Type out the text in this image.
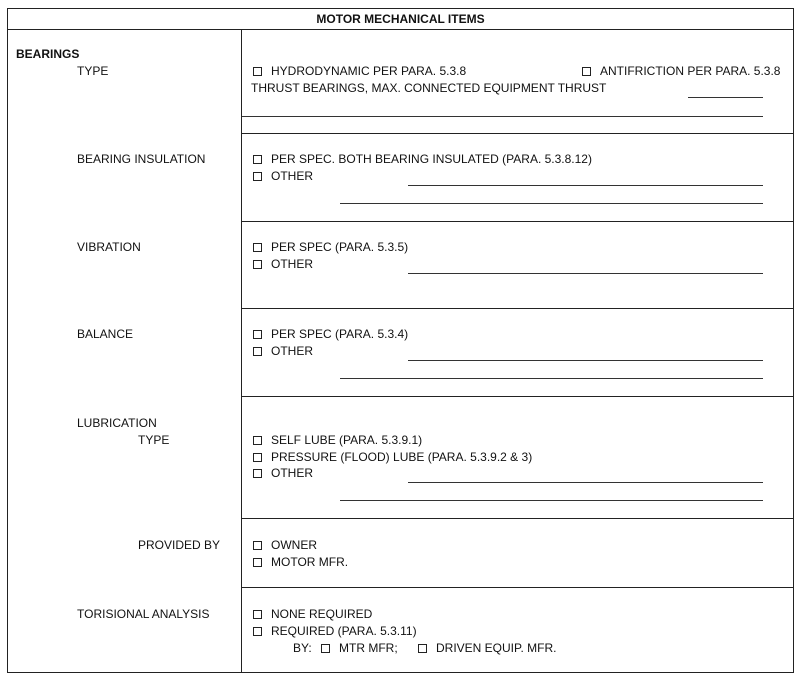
MOTOR MECHANICAL ITEMS
BEARINGS
TYPE
BEARING INSULATION
VIBRATION
BALANCE
LUBRICATION
TYPE
PROVIDED BY
TORISIONAL ANALYSIS
HYDRODYNAMIC PER PARA. 5.3.8	ANTIFRICTION PER PARA. 5.3.8
THRUST BEARINGS, MAX. CONNECTED EQUIPMENT THRUST
PER SPEC. BOTH BEARING INSULATED (PARA. 5.3.8.12)
OTHER
PER SPEC (PARA. 5.3.5)
OTHER
PER SPEC (PARA. 5.3.4)
OTHER
SELF LUBE (PARA. 5.3.9.1)
PRESSURE (FLOOD) LUBE (PARA. 5.3.9.2 & 3)
OTHER
OWNER
MOTOR MFR.
NONE REQUIRED
REQUIRED (PARA. 5.3.11)
BY: MTR MFR;	DRIVEN EQUIP. MFR.
